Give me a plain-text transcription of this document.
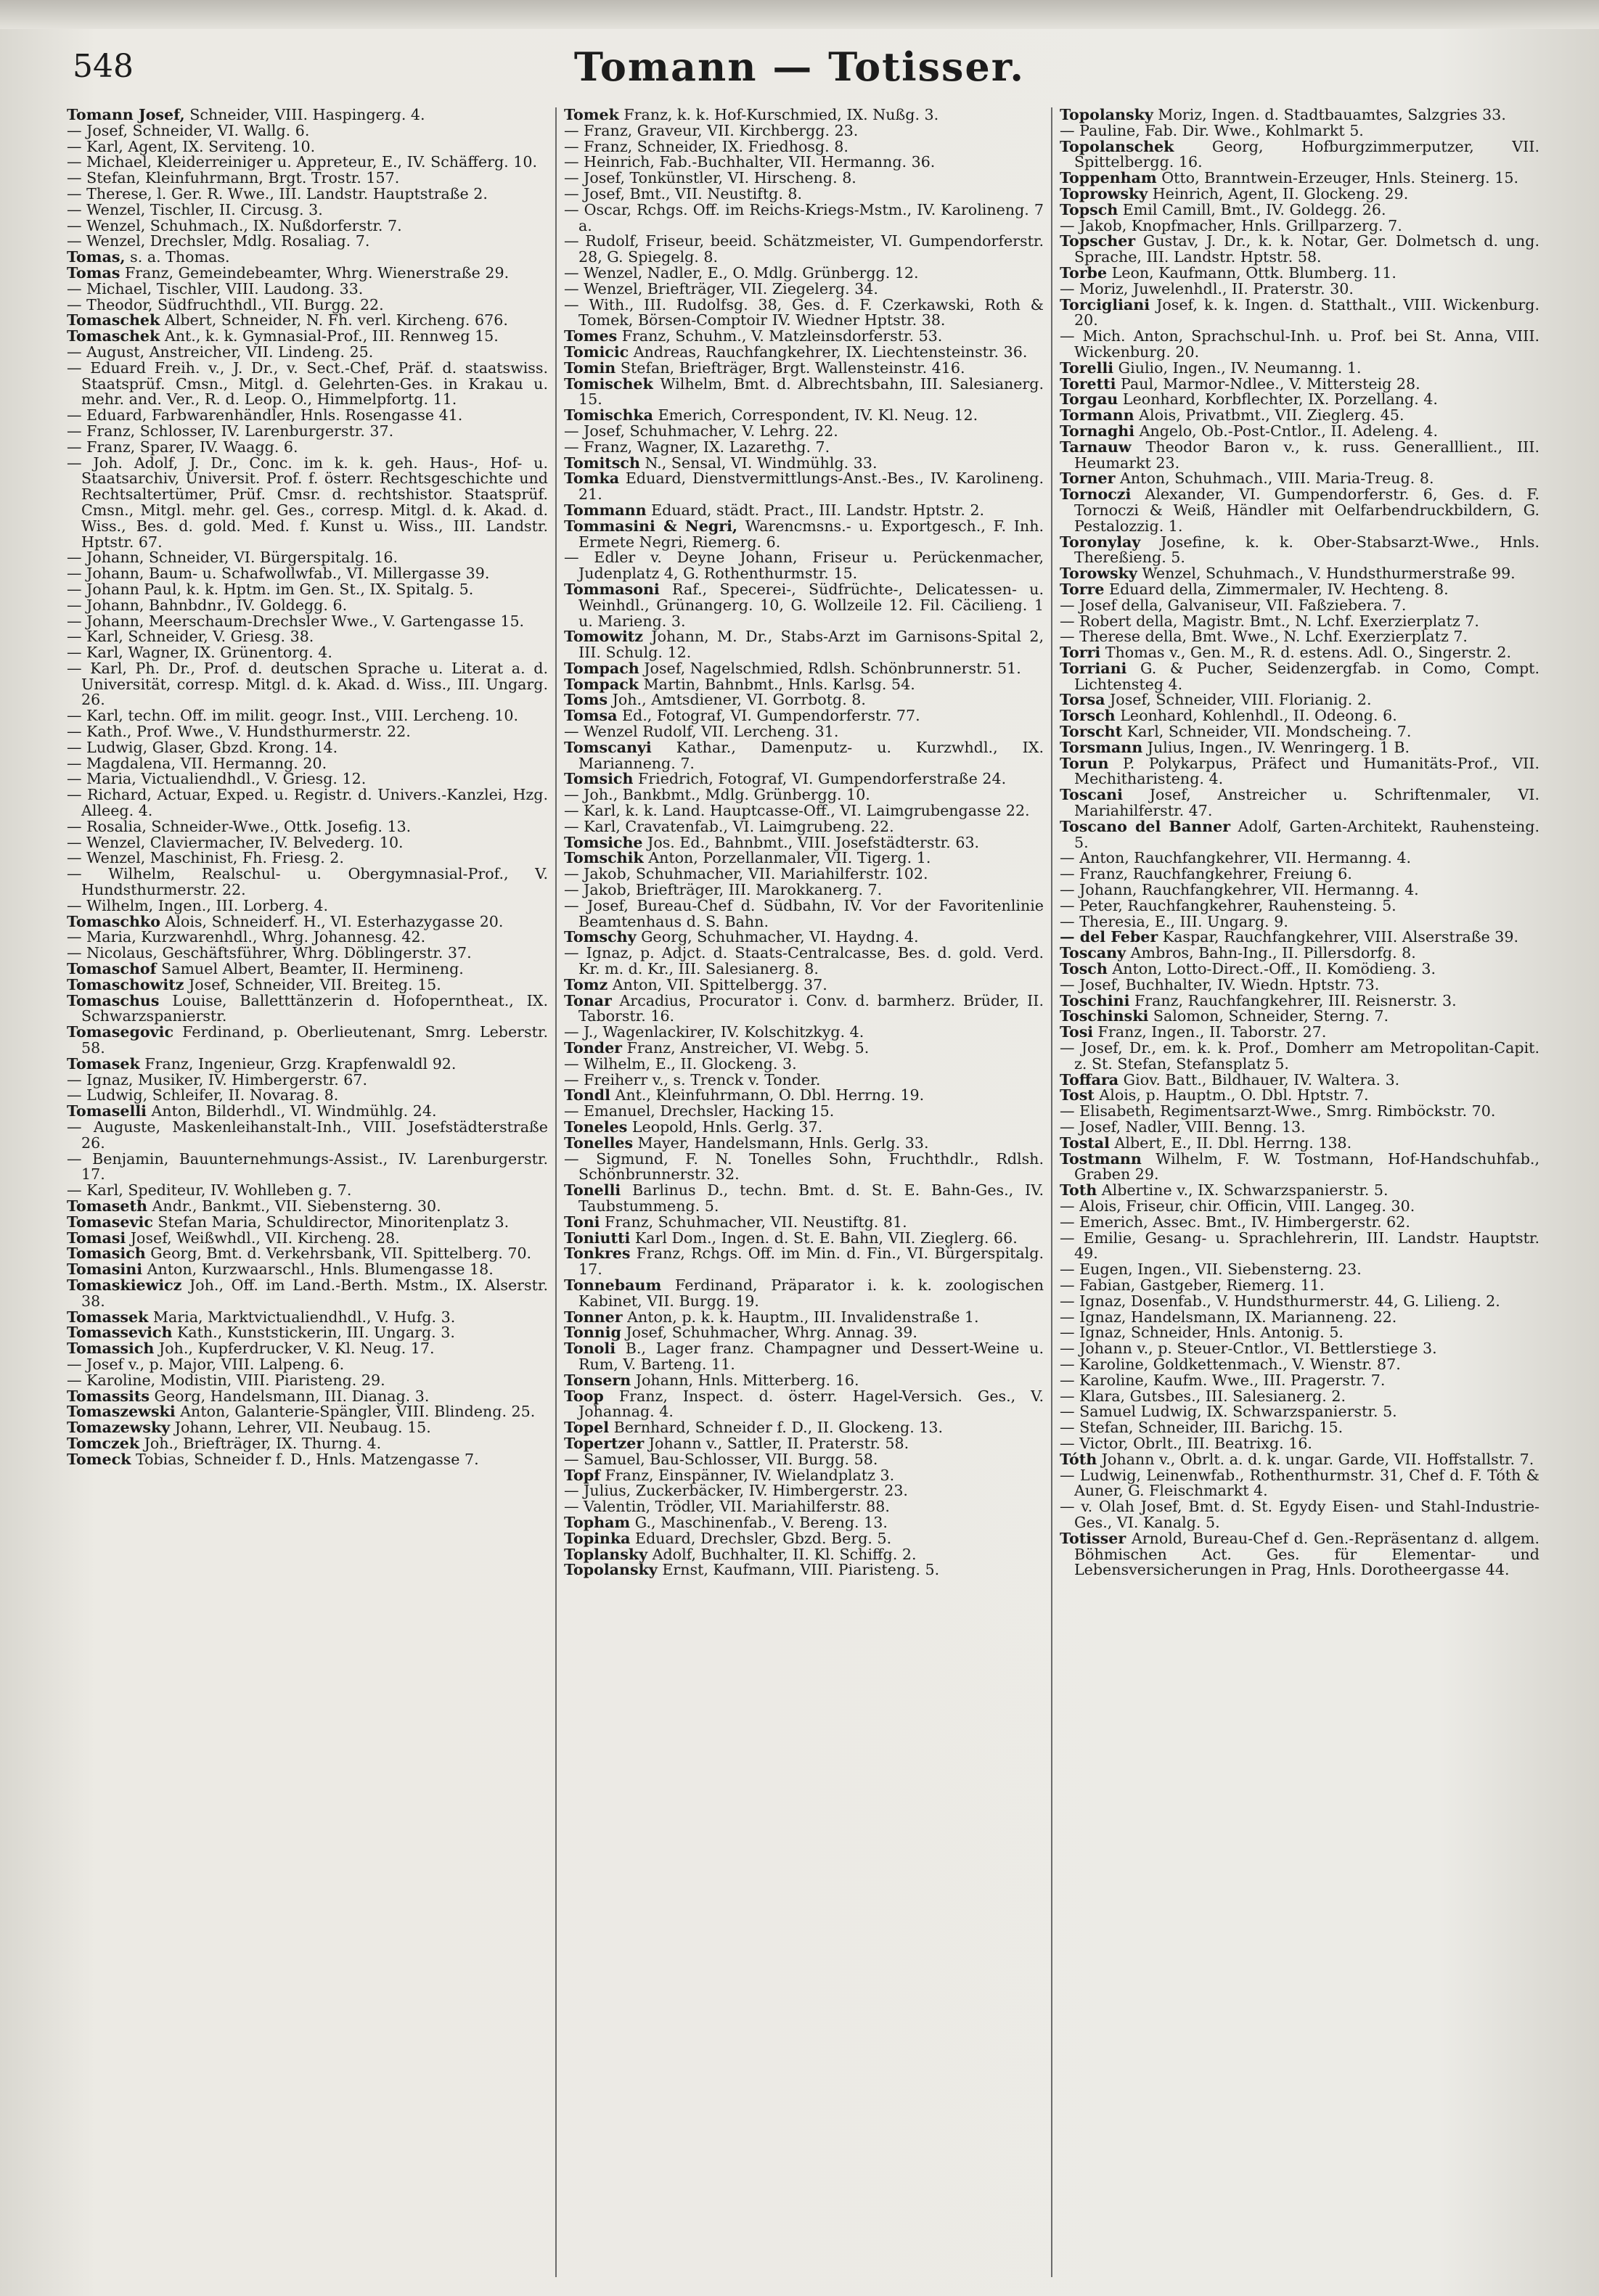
548	Tomann — Totisser.

Tomann Josef, Schneider, VIII. Haspingerg. 4.

— Josef, Schneider, VI. Wallg. 6.

— Karl, Agent, IX. Serviteng. 10.

— Michael, Kleiderreiniger u. Appreteur, E., IV. Schäfferg. 10.

— Stefan, Kleinfuhrmann, Brgt. Trostr. 157.

— Therese, l. Ger. R. Wwe., III. Landstr. Hauptstraße 2.

— Wenzel, Tischler, II. Circusg. 3.

— Wenzel, Schuhmach., IX. Nußdorferstr. 7.

— Wenzel, Drechsler, Mdlg. Rosaliag. 7.

Tomas, s. a. Thomas.

Tomas Franz, Gemeindebeamter, Whrg. Wienerstraße 29.

— Michael, Tischler, VIII. Laudong. 33.

— Theodor, Südfruchthdl., VII. Burgg. 22.

Tomaschek Albert, Schneider, N. Fh. verl. Kircheng. 676.

Tomaschek Ant., k. k. Gymnasial-Prof., III. Rennweg 15.

— August, Anstreicher, VII. Lindeng. 25.

— Eduard Freih. v., J. Dr., v. Sect.-Chef, Präf. d. staatswiss. Staatsprüf. Cmsn., Mitgl. d. Gelehrten-Ges. in Krakau u. mehr. and. Ver., R. d. Leop. O., Himmelpfortg. 11.

— Eduard, Farbwarenhändler, Hnls. Rosengasse 41.

— Franz, Schlosser, IV. Larenburgerstr. 37.

— Franz, Sparer, IV. Waagg. 6.

— Joh. Adolf, J. Dr., Conc. im k. k. geh. Haus-, Hof- u. Staatsarchiv, Universit. Prof. f. österr. Rechtsgeschichte und Rechtsaltertümer, Prüf. Cmsr. d. rechtshistor. Staatsprüf. Cmsn., Mitgl. mehr. gel. Ges., corresp. Mitgl. d. k. Akad. d. Wiss., Bes. d. gold. Med. f. Kunst u. Wiss., III. Landstr. Hptstr. 67.

— Johann, Schneider, VI. Bürgerspitalg. 16.

— Johann, Baum- u. Schafwollwfab., VI. Millergasse 39.

— Johann Paul, k. k. Hptm. im Gen. St., IX. Spitalg. 5.

— Johann, Bahnbdnr., IV. Goldegg. 6.

— Johann, Meerschaum-Drechsler Wwe., V. Gartengasse 15.

— Karl, Schneider, V. Griesg. 38.

— Karl, Wagner, IX. Grünentorg. 4.

— Karl, Ph. Dr., Prof. d. deutschen Sprache u. Literat a. d. Universität, corresp. Mitgl. d. k. Akad. d. Wiss., III. Ungarg. 26.

— Karl, techn. Off. im milit. geogr. Inst., VIII. Lercheng. 10.

— Kath., Prof. Wwe., V. Hundsthurmerstr. 22.

— Ludwig, Glaser, Gbzd. Krong. 14.

— Magdalena, VII. Hermanng. 20.

— Maria, Victualiendhdl., V. Griesg. 12.

— Richard, Actuar, Exped. u. Registr. d. Univers.-Kanzlei, Hzg. Alleeg. 4.

— Rosalia, Schneider-Wwe., Ottk. Josefig. 13.

— Wenzel, Claviermacher, IV. Belvederg. 10.

— Wenzel, Maschinist, Fh. Friesg. 2.

— Wilhelm, Realschul- u. Obergymnasial-Prof., V. Hundsthurmerstr. 22.

— Wilhelm, Ingen., III. Lorberg. 4.

Tomaschko Alois, Schneiderf. H., VI. Esterhazygasse 20.

— Maria, Kurzwarenhdl., Whrg. Johannesg. 42.

— Nicolaus, Geschäftsführer, Whrg. Döblingerstr. 37.

Tomaschof Samuel Albert, Beamter, II. Hermineng.

Tomaschowitz Josef, Schneider, VII. Breiteg. 15.

Tomaschus Louise, Balletttänzerin d. Hofoperntheat., IX. Schwarzspanierstr.

Tomasegovic Ferdinand, p. Oberlieutenant, Smrg. Leberstr. 58.

Tomasek Franz, Ingenieur, Grzg. Krapfenwaldl 92.

— Ignaz, Musiker, IV. Himbergerstr. 67.

— Ludwig, Schleifer, II. Novarag. 8.

Tomaselli Anton, Bilderhdl., VI. Windmühlg. 24.

— Auguste, Maskenleihanstalt-Inh., VIII. Josefstädterstraße 26.

— Benjamin, Bauunternehmungs-Assist., IV. Larenburgerstr. 17.

— Karl, Spediteur, IV. Wohlleben g. 7.

Tomaseth Andr., Bankmt., VII. Siebensterng. 30.

Tomasevic Stefan Maria, Schuldirector, Minoritenplatz 3.

Tomasi Josef, Weißwhdl., VII. Kircheng. 28.

Tomasich Georg, Bmt. d. Verkehrsbank, VII. Spittelberg. 70.

Tomasini Anton, Kurzwaarschl., Hnls. Blumengasse 18.

Tomaskiewicz Joh., Off. im Land.-Berth. Mstm., IX. Alserstr. 38.

Tomassek Maria, Marktvictualiendhdl., V. Hufg. 3.

Tomassevich Kath., Kunststickerin, III. Ungarg. 3.

Tomassich Joh., Kupferdrucker, V. Kl. Neug. 17.

— Josef v., p. Major, VIII. Lalpeng. 6.

— Karoline, Modistin, VIII. Piaristeng. 29.

Tomassits Georg, Handelsmann, III. Dianag. 3.

Tomaszewski Anton, Galanterie-Spängler, VIII. Blindeng. 25.

Tomazewsky Johann, Lehrer, VII. Neubaug. 15.

Tomczek Joh., Briefträger, IX. Thurng. 4.

Tomeck Tobias, Schneider f. D., Hnls. Matzengasse 7.

Tomek Franz, k. k. Hof-Kurschmied, IX. Nußg. 3.

— Franz, Graveur, VII. Kirchbergg. 23.

— Franz, Schneider, IX. Friedhosg. 8.

— Heinrich, Fab.-Buchhalter, VII. Hermanng. 36.

— Josef, Tonkünstler, VI. Hirscheng. 8.

— Josef, Bmt., VII. Neustiftg. 8.

— Oscar, Rchgs. Off. im Reichs-Kriegs-Mstm., IV. Karolineng. 7 a.

— Rudolf, Friseur, beeid. Schätzmeister, VI. Gumpendorferstr. 28, G. Spiegelg. 8.

— Wenzel, Nadler, E., O. Mdlg. Grünbergg. 12.

— Wenzel, Briefträger, VII. Ziegelerg. 34.

— With., III. Rudolfsg. 38, Ges. d. F. Czerkawski, Roth & Tomek, Börsen-Comptoir IV. Wiedner Hptstr. 38.

Tomes Franz, Schuhm., V. Matzleinsdorferstr. 53.

Tomicic Andreas, Rauchfangkehrer, IX. Liechtensteinstr. 36.

Tomin Stefan, Briefträger, Brgt. Wallensteinstr. 416.

Tomischek Wilhelm, Bmt. d. Albrechtsbahn, III. Salesianerg. 15.

Tomischka Emerich, Correspondent, IV. Kl. Neug. 12.

— Josef, Schuhmacher, V. Lehrg. 22.

— Franz, Wagner, IX. Lazarethg. 7.

Tomitsch N., Sensal, VI. Windmühlg. 33.

Tomka Eduard, Dienstvermittlungs-Anst.-Bes., IV. Karolineng. 21.

Tommann Eduard, städt. Pract., III. Landstr. Hptstr. 2.

Tommasini & Negri, Warencmsns.- u. Exportgesch., F. Inh. Ermete Negri, Riemerg. 6.

— Edler v. Deyne Johann, Friseur u. Perückenmacher, Judenplatz 4, G. Rothenthurmstr. 15.

Tommasoni Raf., Specerei-, Südfrüchte-, Delicatessen- u. Weinhdl., Grünangerg. 10, G. Wollzeile 12. Fil. Cäcilieng. 1 u. Marieng. 3.

Tomowitz Johann, M. Dr., Stabs-Arzt im Garnisons-Spital 2, III. Schulg. 12.

Tompach Josef, Nagelschmied, Rdlsh. Schönbrunnerstr. 51.

Tompack Martin, Bahnbmt., Hnls. Karlsg. 54.

Toms Joh., Amtsdiener, VI. Gorrbotg. 8.

Tomsa Ed., Fotograf, VI. Gumpendorferstr. 77.

— Wenzel Rudolf, VII. Lercheng. 31.

Tomscanyi Kathar., Damenputz- u. Kurzwhdl., IX. Marianneng. 7.

Tomsich Friedrich, Fotograf, VI. Gumpendorferstraße 24.

— Joh., Bankbmt., Mdlg. Grünbergg. 10.

— Karl, k. k. Land. Hauptcasse-Off., VI. Laimgrubengasse 22.

— Karl, Cravatenfab., VI. Laimgrubeng. 22.

Tomsiche Jos. Ed., Bahnbmt., VIII. Josefstädterstr. 63.

Tomschik Anton, Porzellanmaler, VII. Tigerg. 1.

— Jakob, Schuhmacher, VII. Mariahilferstr. 102.

— Jakob, Briefträger, III. Marokkanerg. 7.

— Josef, Bureau-Chef d. Südbahn, IV. Vor der Favoritenlinie Beamtenhaus d. S. Bahn.

Tomschy Georg, Schuhmacher, VI. Haydng. 4.

— Ignaz, p. Adjct. d. Staats-Centralcasse, Bes. d. gold. Verd. Kr. m. d. Kr., III. Salesianerg. 8.

Tomz Anton, VII. Spittelbergg. 37.

Tonar Arcadius, Procurator i. Conv. d. barmherz. Brüder, II. Taborstr. 16.

— J., Wagenlackirer, IV. Kolschitzkyg. 4.

Tonder Franz, Anstreicher, VI. Webg. 5.

— Wilhelm, E., II. Glockeng. 3.

— Freiherr v., s. Trenck v. Tonder.

Tondl Ant., Kleinfuhrmann, O. Dbl. Herrng. 19.

— Emanuel, Drechsler, Hacking 15.

Toneles Leopold, Hnls. Gerlg. 37.

Tonelles Mayer, Handelsmann, Hnls. Gerlg. 33.

— Sigmund, F. N. Tonelles Sohn, Fruchthdlr., Rdlsh. Schönbrunnerstr. 32.

Tonelli Barlinus D., techn. Bmt. d. St. E. Bahn-Ges., IV. Taubstummeng. 5.

Toni Franz, Schuhmacher, VII. Neustiftg. 81.

Toniutti Karl Dom., Ingen. d. St. E. Bahn, VII. Zieglerg. 66.

Tonkres Franz, Rchgs. Off. im Min. d. Fin., VI. Bürgerspitalg. 17.

Tonnebaum Ferdinand, Präparator i. k. k. zoologischen Kabinet, VII. Burgg. 19.

Tonner Anton, p. k. k. Hauptm., III. Invalidenstraße 1.

Tonnig Josef, Schuhmacher, Whrg. Annag. 39.

Tonoli B., Lager franz. Champagner und Dessert-Weine u. Rum, V. Barteng. 11.

Tonsern Johann, Hnls. Mitterberg. 16.

Toop Franz, Inspect. d. österr. Hagel-Versich. Ges., V. Johannag. 4.

Topel Bernhard, Schneider f. D., II. Glockeng. 13.

Topertzer Johann v., Sattler, II. Praterstr. 58.

— Samuel, Bau-Schlosser, VII. Burgg. 58.

Topf Franz, Einspänner, IV. Wielandplatz 3.

— Julius, Zuckerbäcker, IV. Himbergerstr. 23.

— Valentin, Trödler, VII. Mariahilferstr. 88.

Topham G., Maschinenfab., V. Bereng. 13.

Topinka Eduard, Drechsler, Gbzd. Berg. 5.

Toplansky Adolf, Buchhalter, II. Kl. Schiffg. 2.

Topolansky Ernst, Kaufmann, VIII. Piaristeng. 5.

Topolansky Moriz, Ingen. d. Stadtbauamtes, Salzgries 33.

— Pauline, Fab. Dir. Wwe., Kohlmarkt 5.

Topolanschek Georg, Hofburgzimmerputzer, VII. Spittelbergg. 16.

Toppenham Otto, Branntwein-Erzeuger, Hnls. Steinerg. 15.

Toprowsky Heinrich, Agent, II. Glockeng. 29.

Topsch Emil Camill, Bmt., IV. Goldegg. 26.

— Jakob, Knopfmacher, Hnls. Grillparzerg. 7.

Topscher Gustav, J. Dr., k. k. Notar, Ger. Dolmetsch d. ung. Sprache, III. Landstr. Hptstr. 58.

Torbe Leon, Kaufmann, Ottk. Blumberg. 11.

— Moriz, Juwelenhdl., II. Praterstr. 30.

Torcigliani Josef, k. k. Ingen. d. Statthalt., VIII. Wickenburg. 20.

— Mich. Anton, Sprachschul-Inh. u. Prof. bei St. Anna, VIII. Wickenburg. 20.

Torelli Giulio, Ingen., IV. Neumanng. 1.

Toretti Paul, Marmor-Ndlee., V. Mittersteig 28.

Torgau Leonhard, Korbflechter, IX. Porzellang. 4.

Tormann Alois, Privatbmt., VII. Zieglerg. 45.

Tornaghi Angelo, Ob.-Post-Cntlor., II. Adeleng. 4.

Tarnauw Theodor Baron v., k. russ. Generalllient., III. Heumarkt 23.

Torner Anton, Schuhmach., VIII. Maria-Treug. 8.

Tornoczi Alexander, VI. Gumpendorferstr. 6, Ges. d. F. Tornoczi & Weiß, Händler mit Oelfarbendruckbildern, G. Pestalozzig. 1.

Toronylay Josefine, k. k. Ober-Stabsarzt-Wwe., Hnls. Thereßieng. 5.

Torowsky Wenzel, Schuhmach., V. Hundsthurmerstraße 99.

Torre Eduard della, Zimmermaler, IV. Hechteng. 8.

— Josef della, Galvaniseur, VII. Faßziebera. 7.

— Robert della, Magistr. Bmt., N. Lchf. Exerzierplatz 7.

— Therese della, Bmt. Wwe., N. Lchf. Exerzierplatz 7.

Torri Thomas v., Gen. M., R. d. estens. Adl. O., Singerstr. 2.

Torriani G. & Pucher, Seidenzergfab. in Como, Compt. Lichtensteg 4.

Torsa Josef, Schneider, VIII. Florianig. 2.

Torsch Leonhard, Kohlenhdl., II. Odeong. 6.

Torscht Karl, Schneider, VII. Mondscheing. 7.

Torsmann Julius, Ingen., IV. Wenringerg. 1 B.

Torun P. Polykarpus, Präfect und Humanitäts-Prof., VII. Mechitharisteng. 4.

Toscani Josef, Anstreicher u. Schriftenmaler, VI. Mariahilferstr. 47.

Toscano del Banner Adolf, Garten-Architekt, Rauhensteing. 5.

— Anton, Rauchfangkehrer, VII. Hermanng. 4.

— Franz, Rauchfangkehrer, Freiung 6.

— Johann, Rauchfangkehrer, VII. Hermanng. 4.

— Peter, Rauchfangkehrer, Rauhensteing. 5.

— Theresia, E., III. Ungarg. 9.

— del Feber Kaspar, Rauchfangkehrer, VIII. Alserstraße 39.

Toscany Ambros, Bahn-Ing., II. Pillersdorfg. 8.

Tosch Anton, Lotto-Direct.-Off., II. Komödieng. 3.

— Josef, Buchhalter, IV. Wiedn. Hptstr. 73.

Toschini Franz, Rauchfangkehrer, III. Reisnerstr. 3.

Toschinski Salomon, Schneider, Sterng. 7.

Tosi Franz, Ingen., II. Taborstr. 27.

— Josef, Dr., em. k. k. Prof., Domherr am Metropolitan-Capit. z. St. Stefan, Stefansplatz 5.

Toffara Giov. Batt., Bildhauer, IV. Waltera. 3.

Tost Alois, p. Hauptm., O. Dbl. Hptstr. 7.

— Elisabeth, Regimentsarzt-Wwe., Smrg. Rimböckstr. 70.

— Josef, Nadler, VIII. Benng. 13.

Tostal Albert, E., II. Dbl. Herrng. 138.

Tostmann Wilhelm, F. W. Tostmann, Hof-Handschuhfab., Graben 29.

Toth Albertine v., IX. Schwarzspanierstr. 5.

— Alois, Friseur, chir. Officin, VIII. Langeg. 30.

— Emerich, Assec. Bmt., IV. Himbergerstr. 62.

— Emilie, Gesang- u. Sprachlehrerin, III. Landstr. Hauptstr. 49.

— Eugen, Ingen., VII. Siebensterng. 23.

— Fabian, Gastgeber, Riemerg. 11.

— Ignaz, Dosenfab., V. Hundsthurmerstr. 44, G. Lilieng. 2.

— Ignaz, Handelsmann, IX. Marianneng. 22.

— Ignaz, Schneider, Hnls. Antonig. 5.

— Johann v., p. Steuer-Cntlor., VI. Bettlerstiege 3.

— Karoline, Goldkettenmach., V. Wienstr. 87.

— Karoline, Kaufm. Wwe., III. Pragerstr. 7.

— Klara, Gutsbes., III. Salesianerg. 2.

— Samuel Ludwig, IX. Schwarzspanierstr. 5.

— Stefan, Schneider, III. Barichg. 15.

— Victor, Obrlt., III. Beatrixg. 16.

Tóth Johann v., Obrlt. a. d. k. ungar. Garde, VII. Hoffstallstr. 7.

— Ludwig, Leinenwfab., Rothenthurmstr. 31, Chef d. F. Tóth & Auner, G. Fleischmarkt 4.

— v. Olah Josef, Bmt. d. St. Egydy Eisen- und Stahl-Industrie-Ges., VI. Kanalg. 5.

Totisser Arnold, Bureau-Chef d. Gen.-Repräsentanz d. allgem. Böhmischen Act. Ges. für Elementar- und Lebensversicherungen in Prag, Hnls. Dorotheergasse 44.
